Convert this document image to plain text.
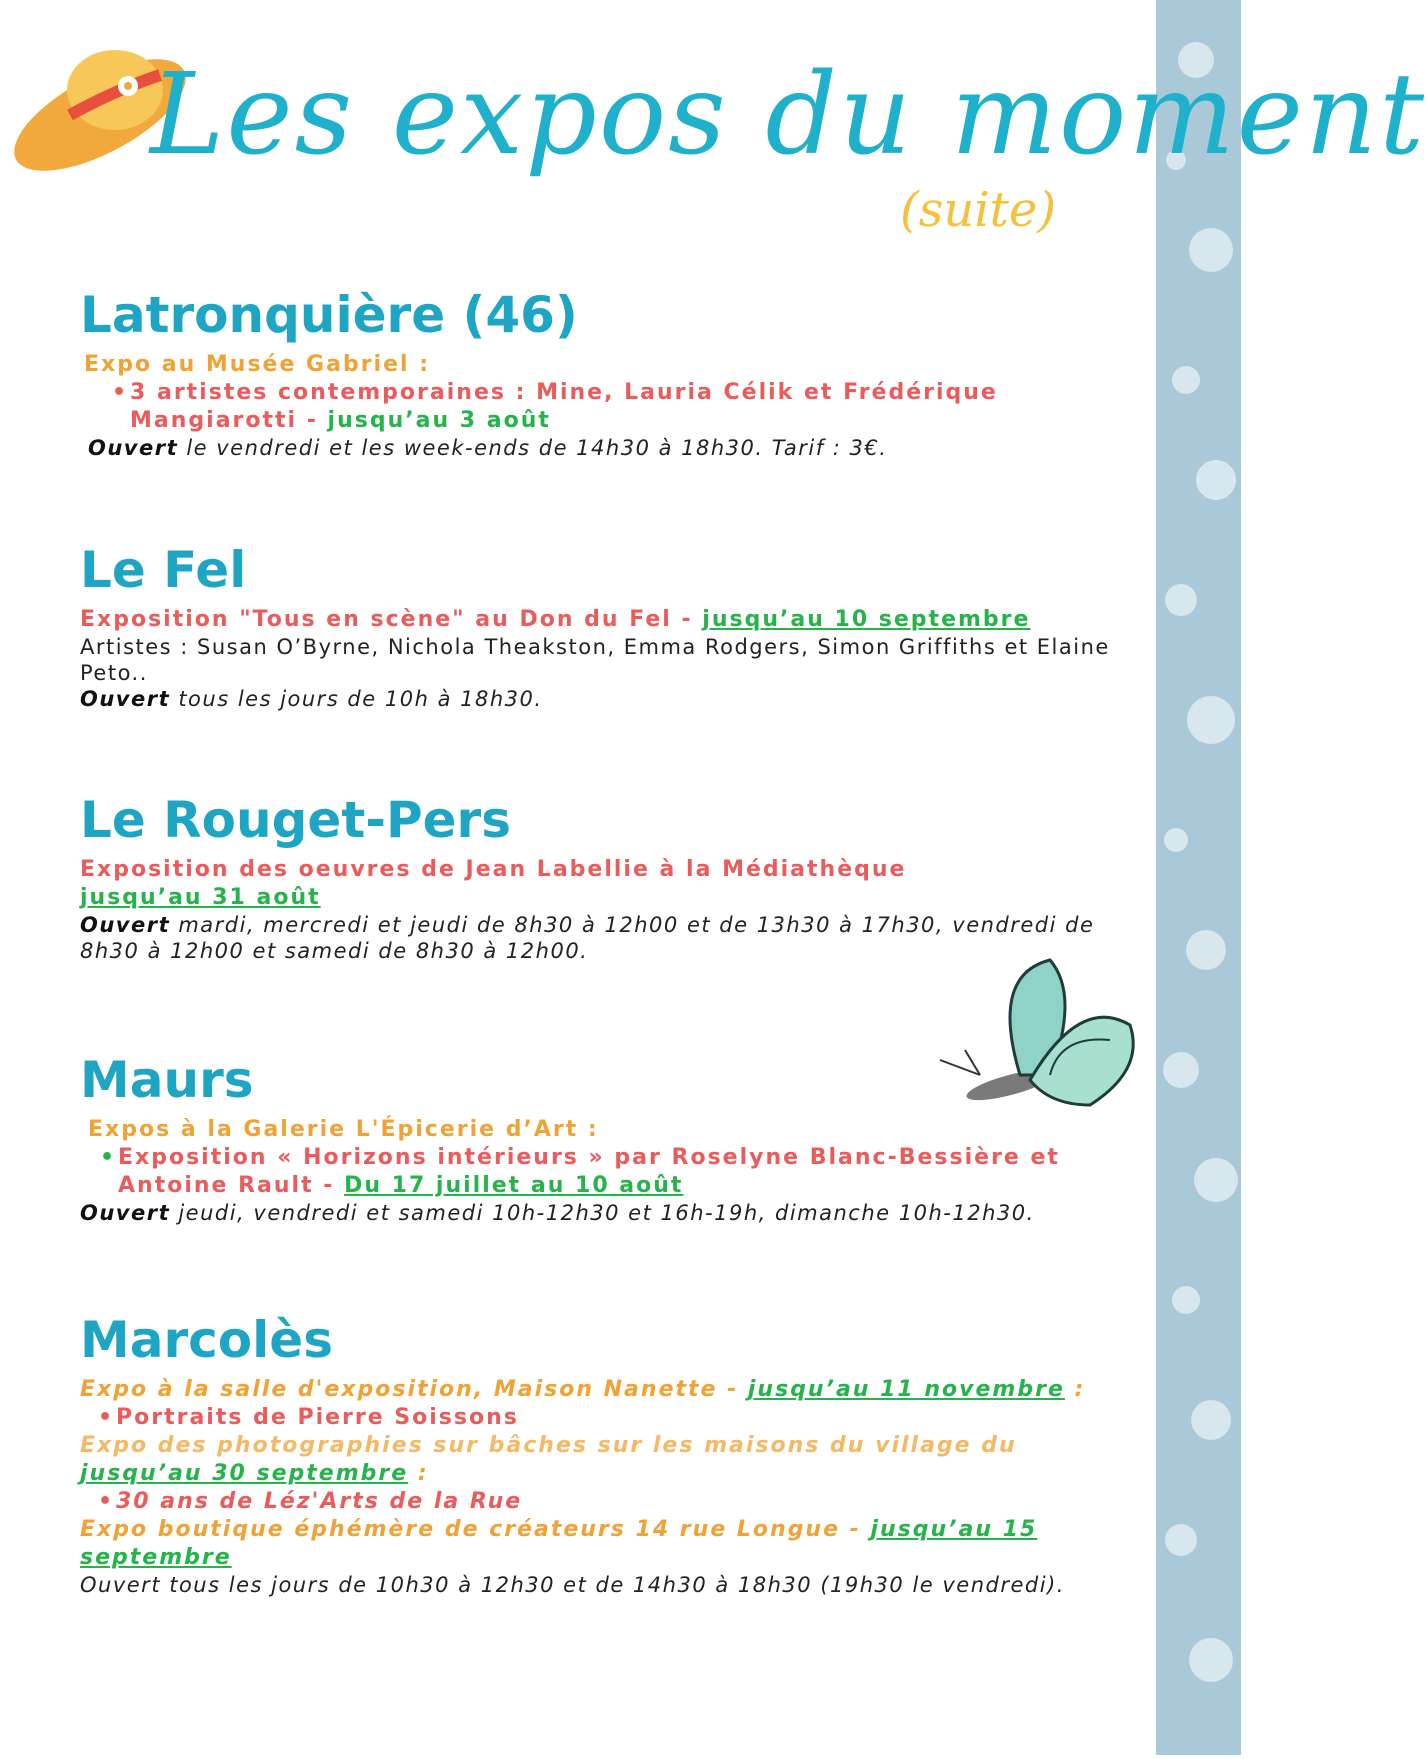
Les expos du moment
(suite)
Latronquière (46)

Expo au Musée Gabriel :

•3 artistes contemporaines : Mine, Lauria Célik et Frédérique Mangiarotti - jusqu’au 3 août

Ouvert le vendredi et les week-ends de 14h30 à 18h30. Tarif : 3€.

Le Fel

Exposition "Tous en scène" au Don du Fel - jusqu’au 10 septembre

Artistes : Susan O’Byrne, Nichola Theakston, Emma Rodgers, Simon Griffiths et Elaine Peto..

Ouvert tous les jours de 10h à 18h30.

Le Rouget-Pers

Exposition des oeuvres de Jean Labellie à la Médiathèque

jusqu’au 31 août

Ouvert mardi, mercredi et jeudi de 8h30 à 12h00 et de 13h30 à 17h30, vendredi de 8h30 à 12h00 et samedi de 8h30 à 12h00.

Maurs

Expos à la Galerie L'Épicerie d’Art :

•Exposition « Horizons intérieurs » par Roselyne Blanc-Bessière et Antoine Rault - Du 17 juillet au 10 août

Ouvert jeudi, vendredi et samedi 10h-12h30 et 16h-19h, dimanche 10h-12h30.

Marcolès

Expo à la salle d'exposition, Maison Nanette - jusqu’au 11 novembre :

•Portraits de Pierre Soissons

Expo des photographies sur bâches sur les maisons du village du jusqu’au 30 septembre :

•30 ans de Léz'Arts de la Rue

Expo boutique éphémère de créateurs 14 rue Longue - jusqu’au 15 septembre

Ouvert tous les jours de 10h30 à 12h30 et de 14h30 à 18h30 (19h30 le vendredi).
